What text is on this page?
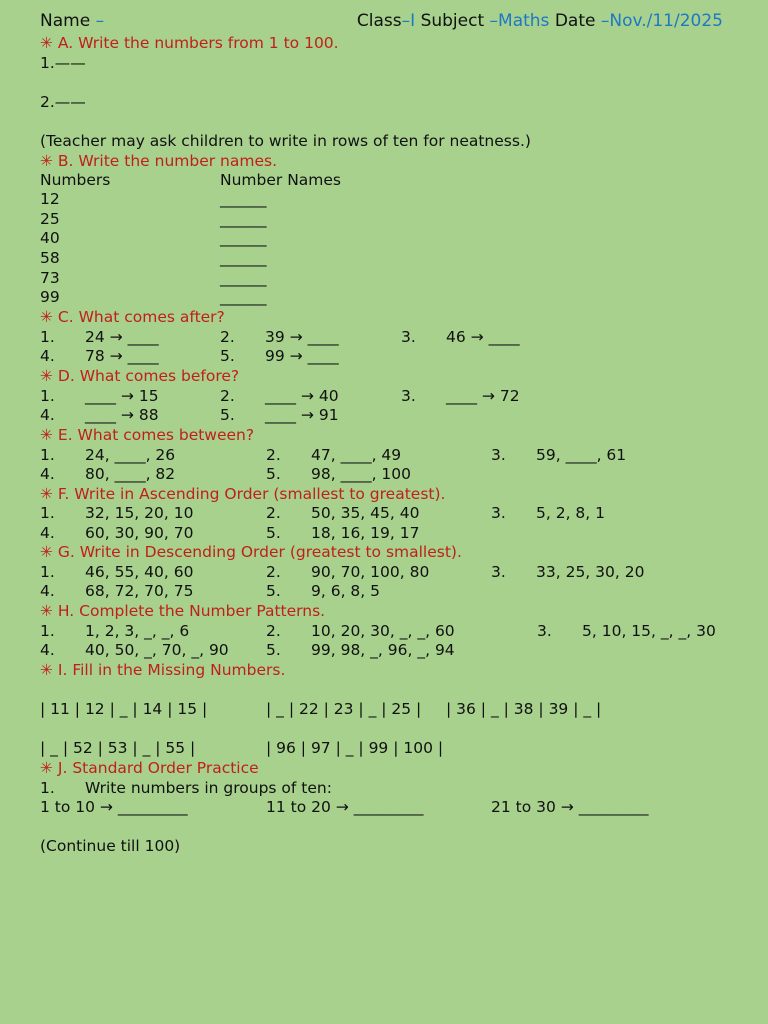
Name –	Class–I Subject –Maths Date –Nov./11/2025
✳ A. Write the numbers from 1 to 100.
1.——
2.——
(Teacher may ask children to write in rows of ten for neatness.)
✳ B. Write the number names.
Numbers	Number Names
12	______
25	______
40	______
58	______
73	______
99	______
✳ C. What comes after?
1. 24 → ____	2. 39 → ____	3. 46 → ____
4. 78 → ____	5. 99 → ____
✳ D. What comes before?
1. ____ → 15	2. ____ → 40	3. ____ → 72
4. ____ → 88	5. ____ → 91
✳ E. What comes between?
1. 24, ____, 26	2. 47, ____, 49	3. 59, ____, 61
4. 80, ____, 82	5. 98, ____, 100
✳ F. Write in Ascending Order (smallest to greatest).
1. 32, 15, 20, 10	2. 50, 35, 45, 40	3. 5, 2, 8, 1
4. 60, 30, 90, 70	5. 18, 16, 19, 17
✳ G. Write in Descending Order (greatest to smallest).
1. 46, 55, 40, 60	2. 90, 70, 100, 80	3. 33, 25, 30, 20
4. 68, 72, 70, 75	5. 9, 6, 8, 5
✳ H. Complete the Number Patterns.
1. 1, 2, 3, _, _, 6	2. 10, 20, 30, _, _, 60	3. 5, 10, 15, _, _, 30
4. 40, 50, _, 70, _, 90 5. 99, 98, _, 96, _, 94
✳ I. Fill in the Missing Numbers.
| 11 | 12 | _ | 14 | 15 |	| _ | 22 | 23 | _ | 25 | | 36 | _ | 38 | 39 | _ |
| _ | 52 | 53 | _ | 55 |	| 96 | 97 | _ | 99 | 100 |
✳ J. Standard Order Practice
1. Write numbers in groups of ten:
1 to 10 → _________	11 to 20 → _________	21 to 30 → _________
(Continue till 100)
